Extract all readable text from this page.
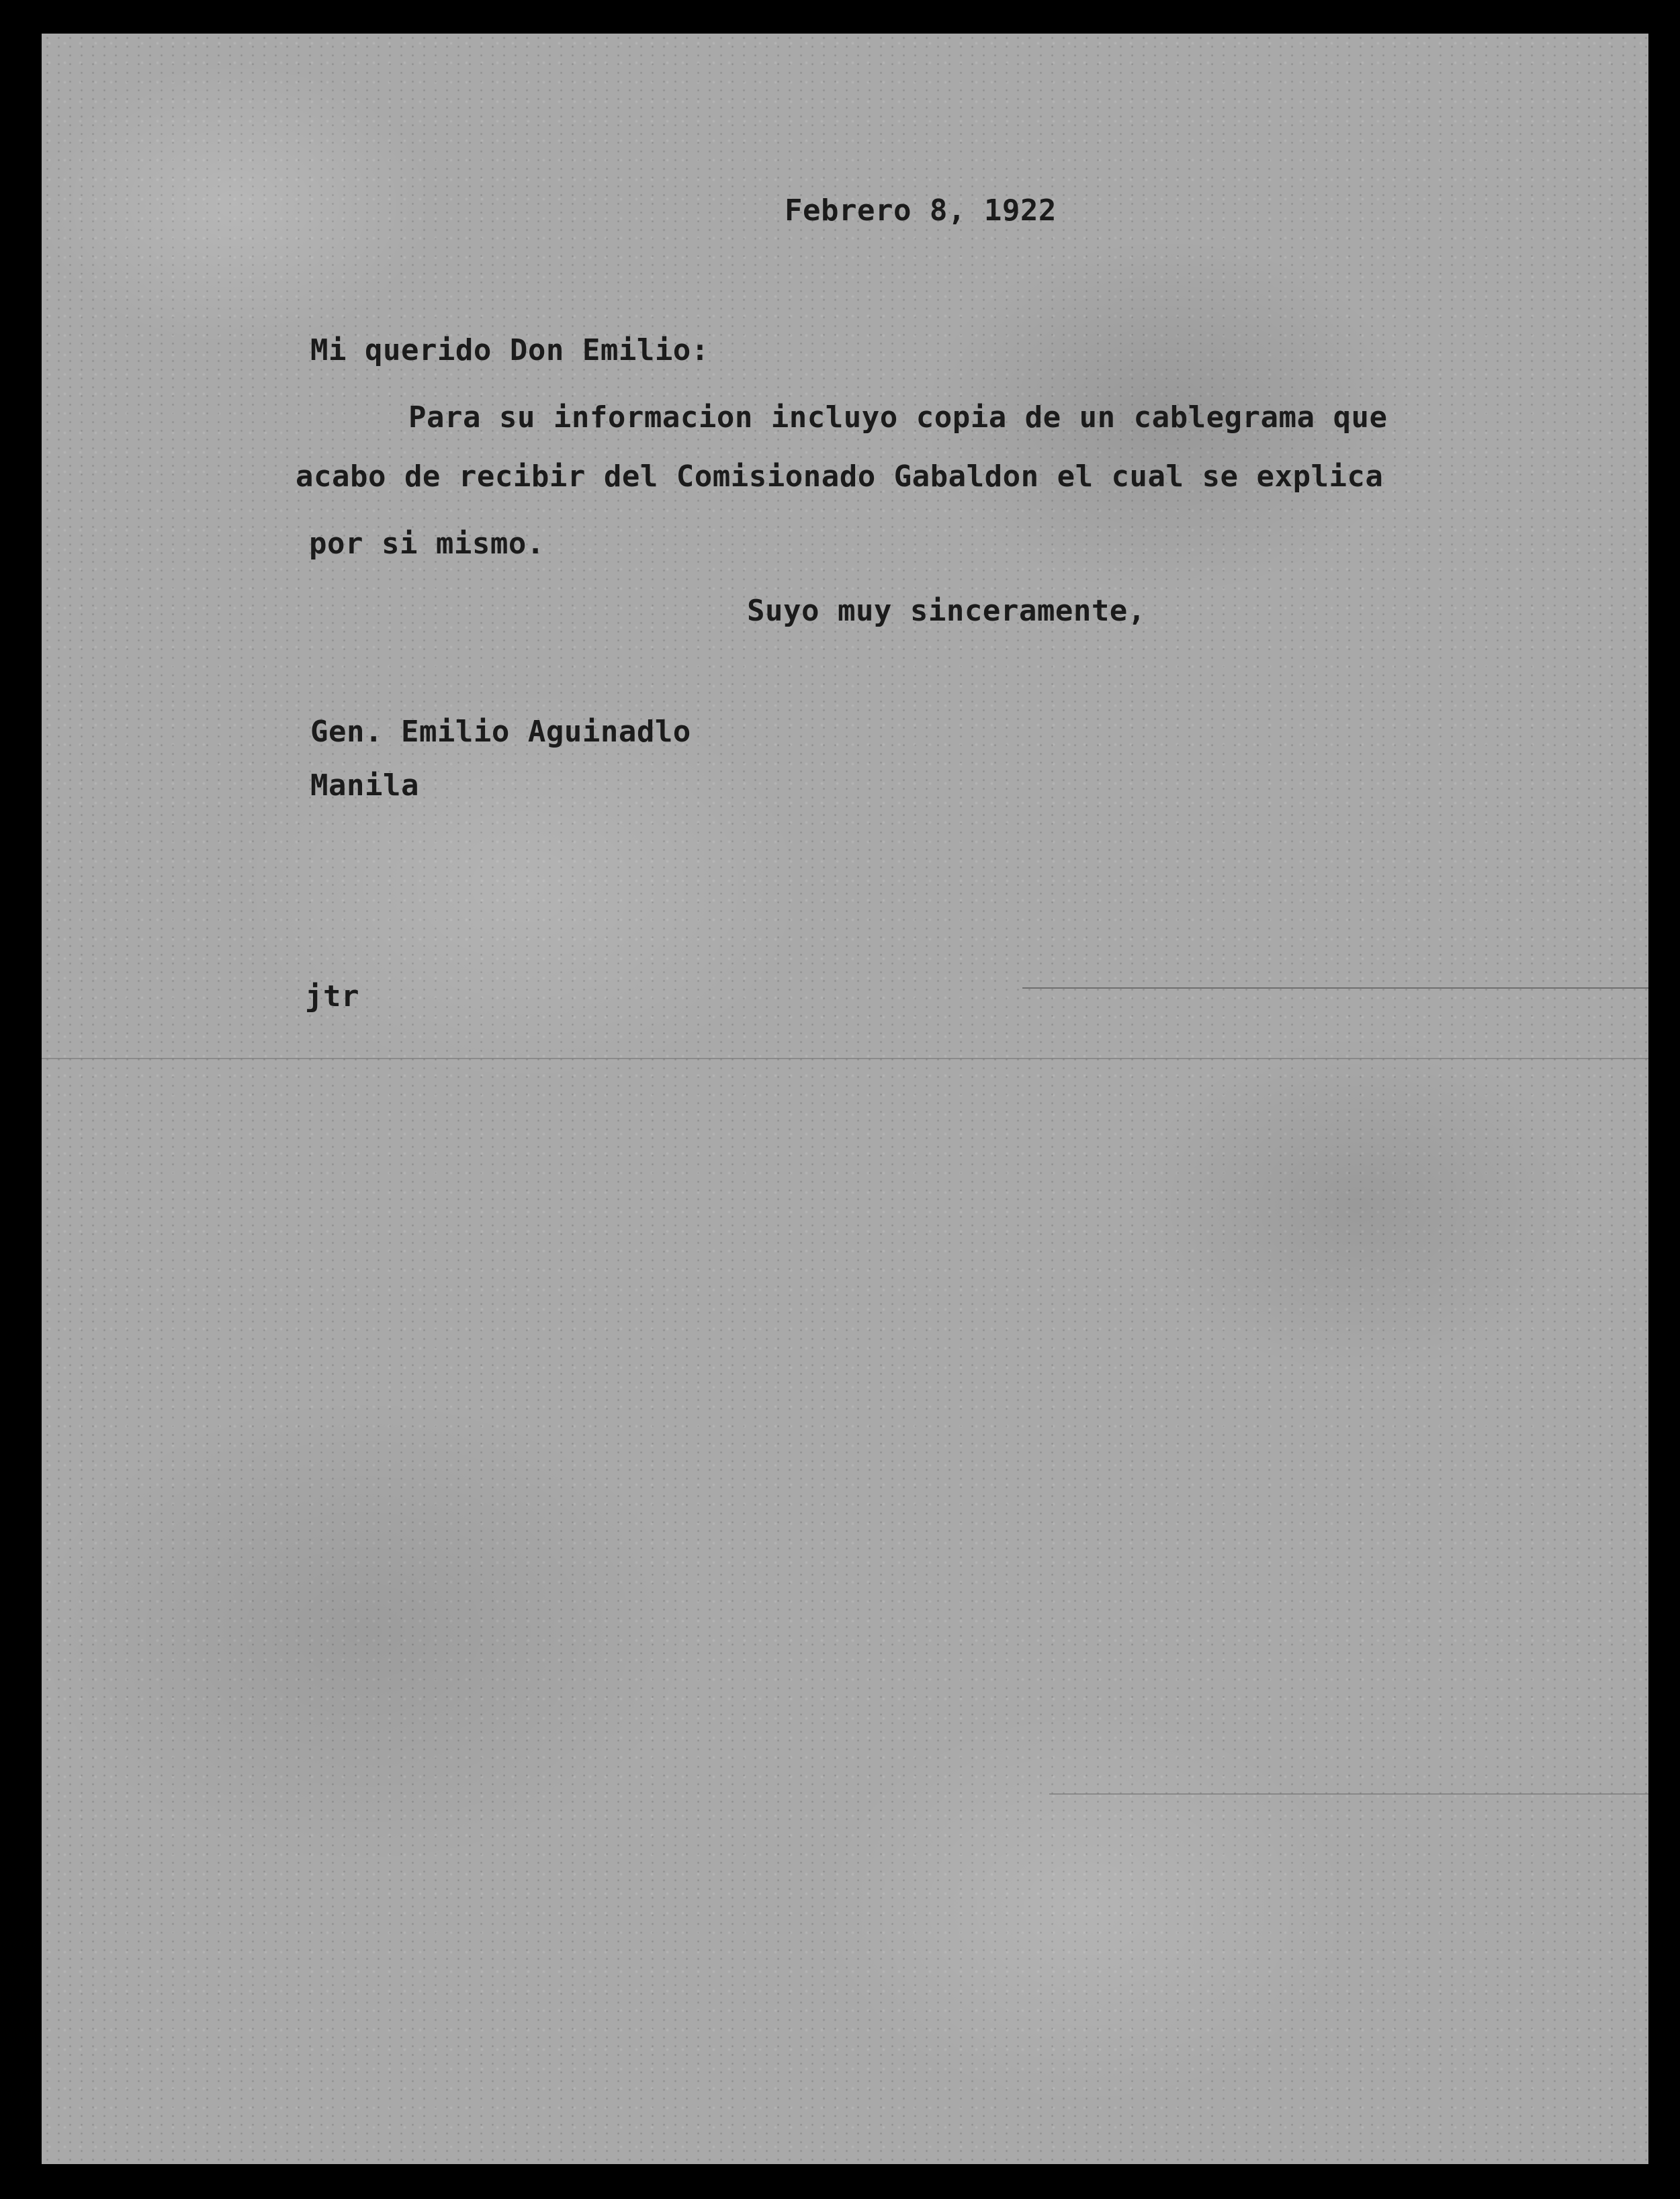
Febrero 8, 1922

Mi querido Don Emilio:

Para su informacion incluyo copia de un cablegrama que

acabo de recibir del Comisionado Gabaldon el cual se explica

por si mismo.

Suyo muy sinceramente,

Gen. Emilio Aguinadlo

Manila

jtr
